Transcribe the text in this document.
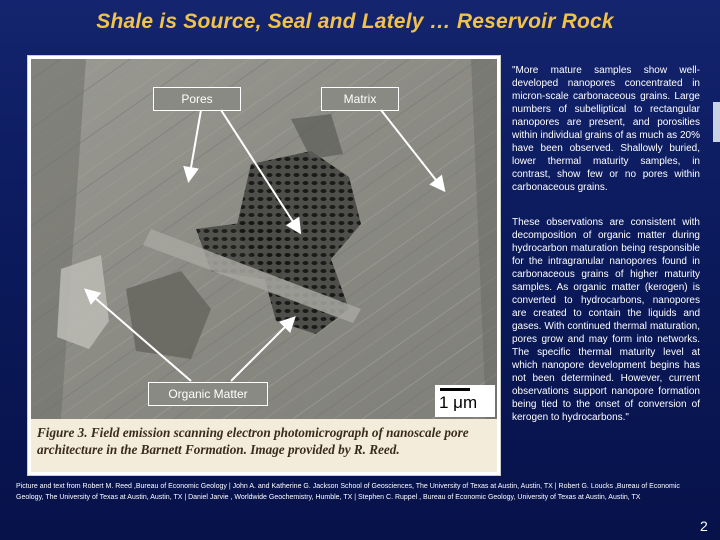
Shale is Source, Seal and Lately … Reservoir Rock
Pores	Matrix
Organic Matter	1 μm
Figure 3. Field emission scanning electron photomicrograph of nanoscale pore architecture in the Barnett Formation. Image provided by R. Reed.
"More mature samples show well-developed nanopores concentrated in micron-scale carbonaceous grains. Large numbers of subelliptical to rectangular nanopores are present, and porosities within individual grains of as much as 20% have been observed. Shallowly buried, lower thermal maturity samples, in contrast, show few or no pores within carbonaceous grains.
These observations are consistent with decomposition of organic matter during hydrocarbon maturation being responsible for the intragranular nanopores found in carbonaceous grains of higher maturity samples. As organic matter (kerogen) is converted to hydrocarbons, nanopores are created to contain the liquids and gases. With continued thermal maturation, pores grow and may form into networks. The specific thermal maturity level at which nanopore development begins has not been determined. However, current observations support nanopore formation being tied to the onset of conversion of kerogen to hydrocarbons."
Picture and text from Robert M. Reed ,Bureau of Economic Geology | John A. and Katherine G. Jackson School of Geosciences, The University of Texas at Austin, Austin, TX | Robert G. Loucks ,Bureau of Economic Geology, The University of Texas at Austin, Austin, TX | Daniel Jarvie , Worldwide Geochemistry, Humble, TX | Stephen C. Ruppel , Bureau of Economic Geology, University of Texas at Austin, Austin, TX
2
